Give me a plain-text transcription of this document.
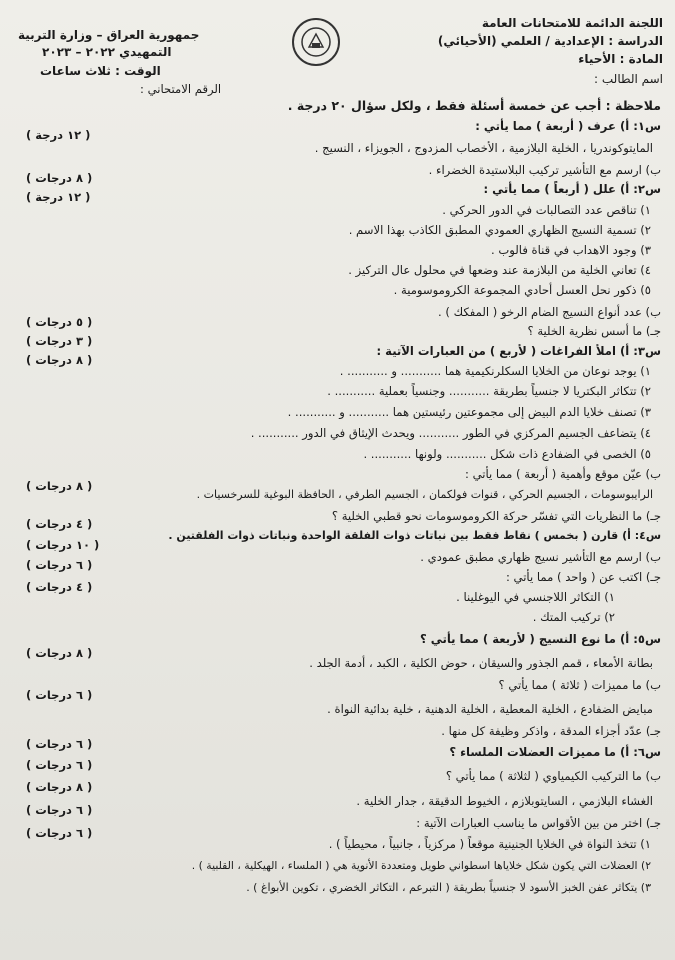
اللجنة الدائمة للامتحانات العامة
الدراسة : الإعدادية / العلمي (الأحيائي)
المادة : الأحياء
اسم الطالب :
جمهورية العراق – وزارة التربية
التمهيدي ٢٠٢٢ – ٢٠٢٣
الوقت : ثلاث ساعات
الرقم الامتحاني :
ملاحظة : أجب عن خمسة أسئلة فقط ، ولكل سؤال ٢٠ درجة .
س١: أ) عرف ( أربعة ) مما يأتي :
المايتوكوندريا ، الخلية البلازمية ، الأخصاب المزدوج ، الجويزاء ، النسيج .
ب) ارسم مع التأشير تركيب البلاستيدة الخضراء .
س٢: أ) علل ( أربعاً ) مما يأتي :
١) تناقص عدد التصالبات في الدور الحركي .
٢) تسمية النسيج الظهاري العمودي المطبق الكاذب بهذا الاسم .
٣) وجود الاهداب في قناة فالوب .
٤) تعاني الخلية من البلازمة عند وضعها في محلول عال التركيز .
٥) ذكور نحل العسل أحادي المجموعة الكروموسومية .
ب) عدد أنواع النسيج الضام الرخو ( المفكك ) .
جـ) ما أسس نظرية الخلية ؟
س٣: أ) املأ الفراغات ( لأربع ) من العبارات الآتية :
١) يوجد نوعان من الخلايا السكلرنكيمية هما ........... و ........... .
٢) تتكاثر البكتريا لا جنسياً بطريقة ........... وجنسياً بعملية ........... .
٣) تصنف خلايا الدم البيض إلى مجموعتين رئيستين هما ........... و ........... .
٤) يتضاعف الجسيم المركزي في الطور ........... ويحدث الإيثاق في الدور ........... .
٥) الخصى في الضفادع ذات شكل ........... ولونها ........... .
ب) عيّن موقع وأهمية ( أربعة ) مما يأتي :
الرايبوسومات ، الجسيم الحركي ، قنوات فولكمان ، الجسيم الطرفي ، الحافظة البوغية للسرخسيات .
جـ) ما النظريات التي تفسّر حركة الكروموسومات نحو قطبي الخلية ؟
س٤: أ) قارن ( بخمس ) نقاط فقط بين نباتات ذوات الفلقة الواحدة ونباتات ذوات الفلقتين .
ب) ارسم مع التأشير نسيج ظهاري مطبق عمودي .
جـ) اكتب عن ( واحد ) مما يأتي :
١) التكاثر اللاجنسي في اليوغلينا .
٢) تركيب المتك .
س٥: أ) ما نوع النسيج ( لأربعة ) مما يأتي ؟
بطانة الأمعاء ، قمم الجذور والسيقان ، حوض الكلية ، الكبد ، أدمة الجلد .
ب) ما مميزات ( ثلاثة ) مما يأتي ؟
مبايض الضفادع ، الخلية المعطية ، الخلية الدهنية ، خلية بدائية النواة .
جـ) عدّد أجزاء المدقة ، واذكر وظيفة كل منها .
س٦: أ) ما مميزات العضلات الملساء ؟
ب) ما التركيب الكيمياوي ( لثلاثة ) مما يأتي ؟
الغشاء البلازمي ، السايتوبلازم ، الخيوط الدقيقة ، جدار الخلية .
جـ) اختر من بين الأقواس ما يناسب العبارات الآتية :
١) تتخذ النواة في الخلايا الجنينية موقعاً ( مركزياً ، جانبياً ، محيطياً ) .
٢) العضلات التي يكون شكل خلاياها اسطواني طويل ومتعددة الأنوية هي ( الملساء ، الهيكلية ، القلبية ) .
٣) يتكاثر عفن الخبز الأسود لا جنسياً بطريقة ( التبرعم ، التكاثر الخضري ، تكوين الأبواغ ) .
( ١٢ درجة )
( ٨ درجات )
( ١٢ درجة )
( ٥ درجات )
( ٣ درجات )
( ٨ درجات )
( ٨ درجات )
( ٤ درجات )
( ١٠ درجات )
( ٦ درجات )
( ٤ درجات )
( ٨ درجات )
( ٦ درجات )
( ٦ درجات )
( ٦ درجات )
( ٨ درجات )
( ٦ درجات )
( ٦ درجات )
